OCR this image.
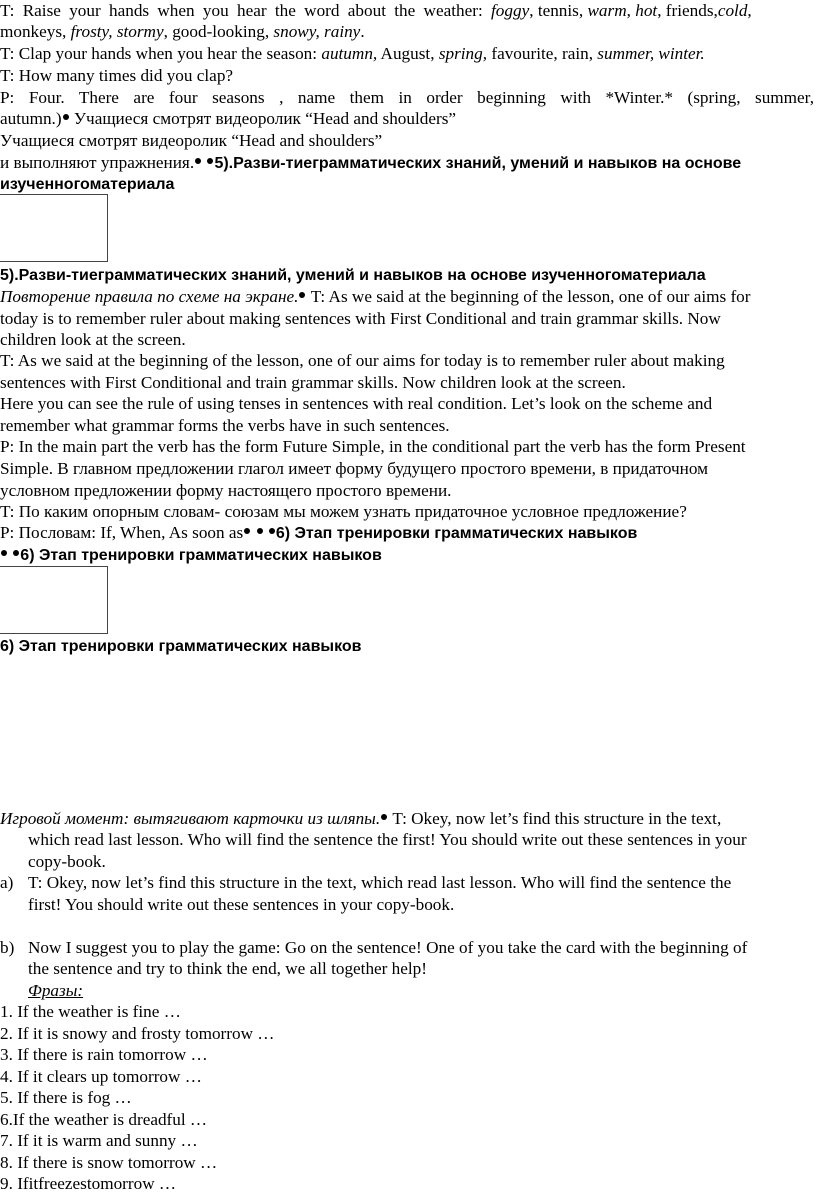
T: Raise your hands when you hear the word about the weather: foggy, tennis, warm, hot, friends,cold,
monkeys, frosty, stormy, good-looking, snowy, rainy.
T: Clap your hands when you hear the season: autumn, August, spring, favourite, rain, summer, winter.
T: How many times did you clap?
P: Four. There are four seasons , name them in order beginning with *Winter.* (spring, summer,
autumn.) Учащиеся смотрят видеоролик “Head and shoulders”
Учащиеся смотрят видеоролик “Head and shoulders”
и выполняют упражнения. 5).Разви-тиеграмматических знаний, умений и навыков на основе
изученногоматериала
5).Разви-тиеграмматических знаний, умений и навыков на основе изученногоматериала
Повторение правила по схеме на экране. T: As we said at the beginning of the lesson, one of our aims for
today is to remember ruler about making sentences with First Conditional and train grammar skills. Now
children look at the screen.
T: As we said at the beginning of the lesson, one of our aims for today is to remember ruler about making
sentences with First Conditional and train grammar skills. Now children look at the screen.
Here you can see the rule of using tenses in sentences with real condition. Let’s look on the scheme and
remember what grammar forms the verbs have in such sentences.
P: In the main part the verb has the form Future Simple, in the conditional part the verb has the form Present
Simple. В главном предложении глагол имеет форму будущего простого времени, в придаточном
условном предложении форму настоящего простого времени.
T: По каким опорным словам- союзам мы можем узнать придаточное условное предложение?
P: Пословам: If, When, As soon as 6) Этап тренировки грамматических навыков
6) Этап тренировки грамматических навыков
6) Этап тренировки грамматических навыков
Игровой момент: вытягивают карточки из шляпы. T: Okey, now let’s find this structure in the text,
which read last lesson. Who will find the sentence the first! You should write out these sentences in your
copy-book.
a) T: Okey, now let’s find this structure in the text, which read last lesson. Who will find the sentence the
first! You should write out these sentences in your copy-book.
b) Now I suggest you to play the game: Go on the sentence! One of you take the card with the beginning of
the sentence and try to think the end, we all together help!
Фразы:
1. If the weather is fine …
2. If it is snowy and frosty tomorrow …
3. If there is rain tomorrow …
4. If it clears up tomorrow …
5. If there is fog …
6.If the weather is dreadful …
7. If it is warm and sunny …
8. If there is snow tomorrow …
9. Ifitfreezestomorrow …
